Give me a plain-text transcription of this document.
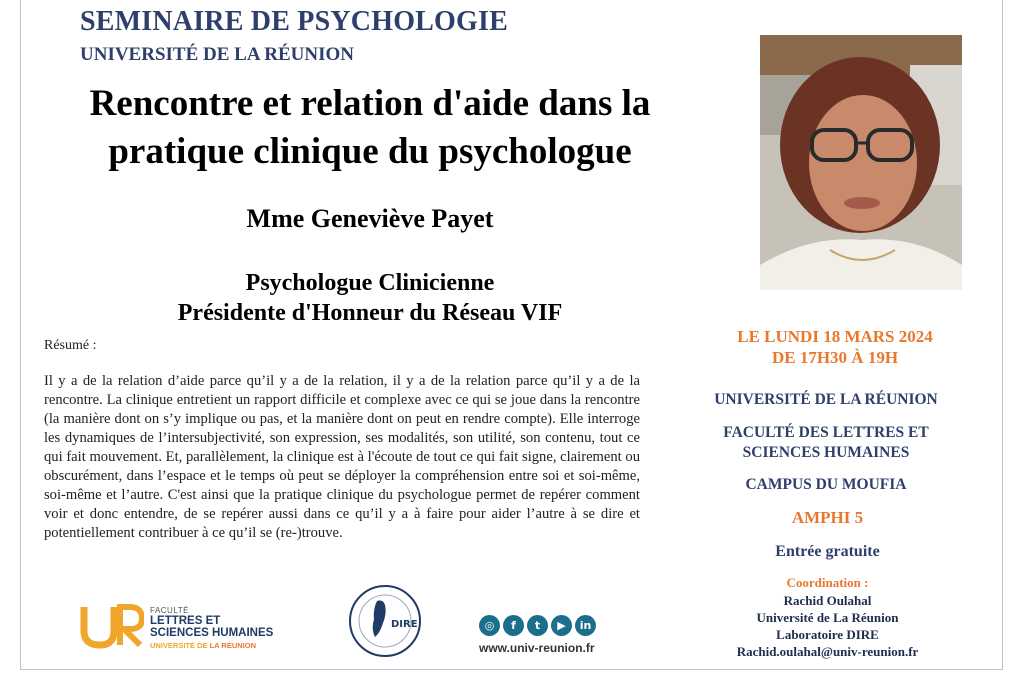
SEMINAIRE DE PSYCHOLOGIE
UNIVERSITÉ DE LA RÉUNION
Rencontre et relation d'aide dans la
pratique clinique du psychologue
Mme Geneviève Payet
Psychologue Clinicienne
Présidente d'Honneur du Réseau VIF
Résumé :
Il y a de la relation d’aide parce qu’il y a de la relation, il y a de la relation parce qu’il y a de la rencontre. La clinique entretient un rapport difficile et complexe avec ce qui se joue dans la rencontre (la manière dont on s’y implique ou pas, et la manière dont on peut en rendre compte). Elle interroge les dynamiques de l’intersubjectivité, son expression, ses modalités, son utilité, son contenu, tout ce qui fait mouvement. Et, parallèlement, la clinique est à l'écoute de tout ce qui fait signe, clairement ou obscurément, dans l’espace et le temps où peut se déployer la compréhension entre soi et soi-même, soi-même et l’autre. C'est ainsi que la pratique clinique du psychologue permet de repérer comment voir et donc entendre, de se repérer aussi dans ce qu’il y a à faire pour aider l’autre à se dire et potentiellement contribuer à ce qu’il se (re-)trouve.
LE LUNDI 18 MARS 2024
DE 17H30 À 19H
UNIVERSITÉ DE LA RÉUNION
FACULTÉ DES LETTRES ET
SCIENCES HUMAINES
CAMPUS DU MOUFIA
AMPHI 5
Entrée gratuite
Coordination :
Rachid Oulahal
Université de La Réunion
Laboratoire DIRE
Rachid.oulahal@univ-reunion.fr
UR
FACULTÉ
LETTRES ET
SCIENCES HUMAINES
UNIVERSITÉ DE LA RÉUNION
DIRE	◎	f	t	▶	in
www.univ-reunion.fr
